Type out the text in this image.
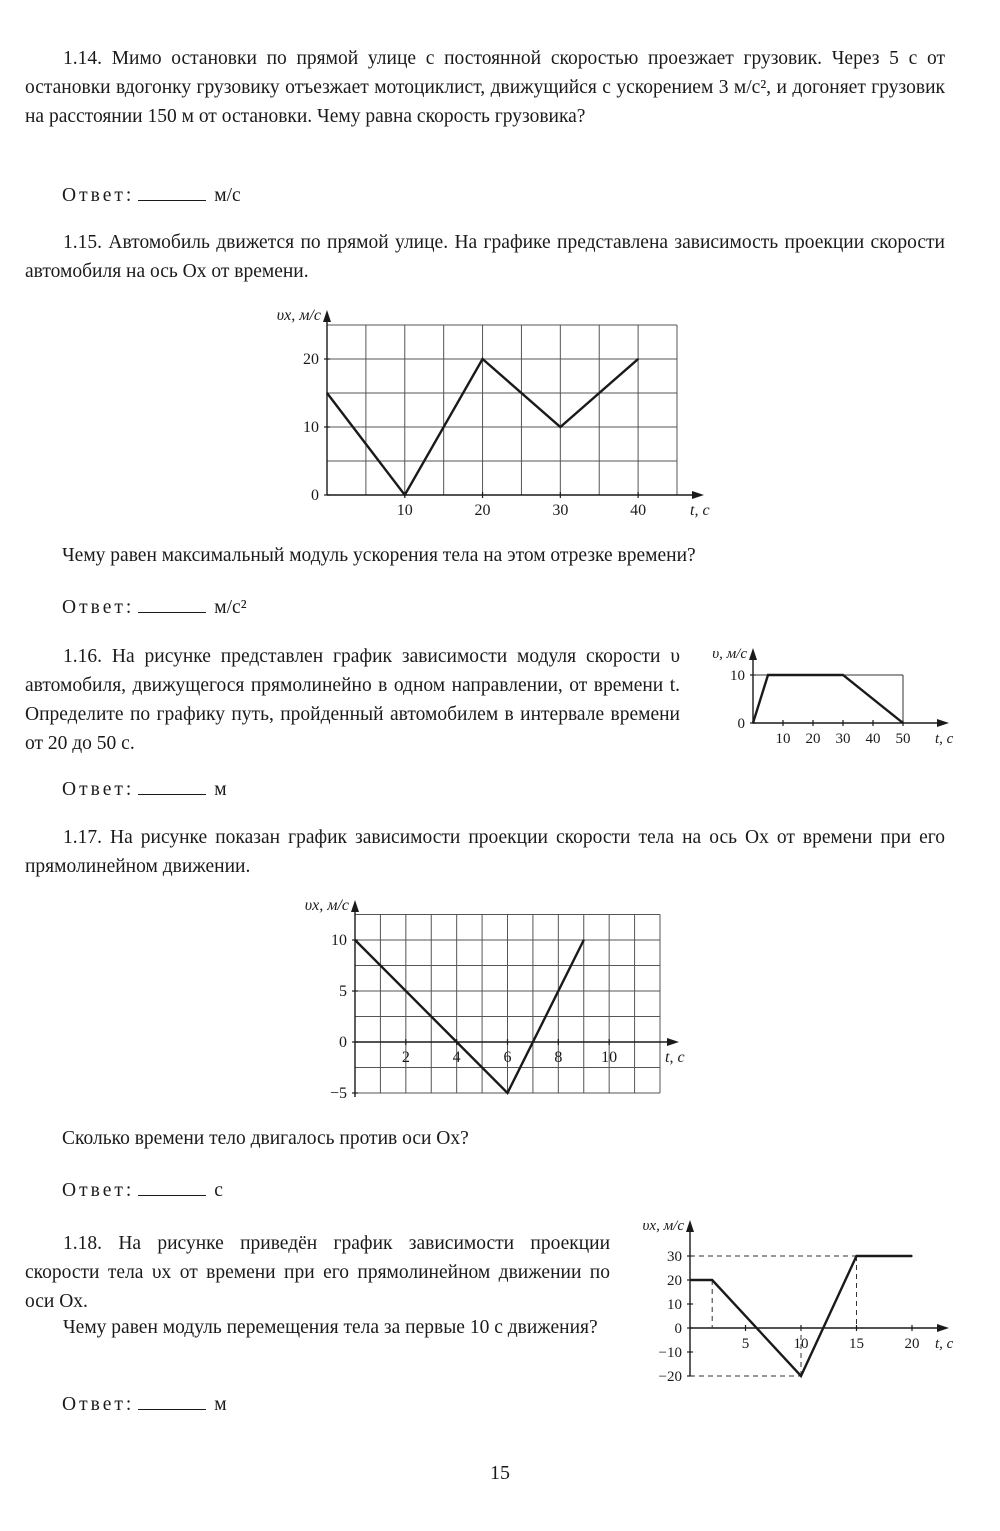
1.14. Мимо остановки по прямой улице с постоянной скоростью проезжает грузовик. Через 5 с от остановки вдогонку грузовику отъезжает мотоциклист, движущийся с ускорением 3 м/с², и догоняет грузовик на расстоянии 150 м от остановки. Чему равна скорость грузовика?
Ответ:	м/с
1.15. Автомобиль движется по прямой улице. На графике представлена зависимость проекции скорости автомобиля на ось Ox от времени.
υx, м/с
t, с
10	20	30	40
0
10
20
Чему равен максимальный модуль ускорения тела на этом отрезке времени?
Ответ:	м/с²
1.16. На рисунке представлен график зависимости модуля скорости υ автомобиля, движущегося прямолинейно в одном направлении, от времени t. Определите по графику путь, пройденный автомобилем в интервале времени от 20 до 50 с.
υ, м/с
t, с
10 20 30 40 50
0
10
Ответ:	м
1.17. На рисунке показан график зависимости проекции скорости тела на ось Ox от времени при его прямолинейном движении.
υx, м/с
t, с
2	4	6	8 10
−5
0
5
10
Сколько времени тело двигалось против оси Ox?
Ответ:	с
1.18. На рисунке приведён график зависимости проекции скорости тела υx от времени при его прямолинейном движении по оси Ox.
Чему равен модуль перемещения тела за первые 10 с движения?
υx, м/с
t, с
5	10	15	20
−20
−10
0
10
20
30
Ответ:	м
15
